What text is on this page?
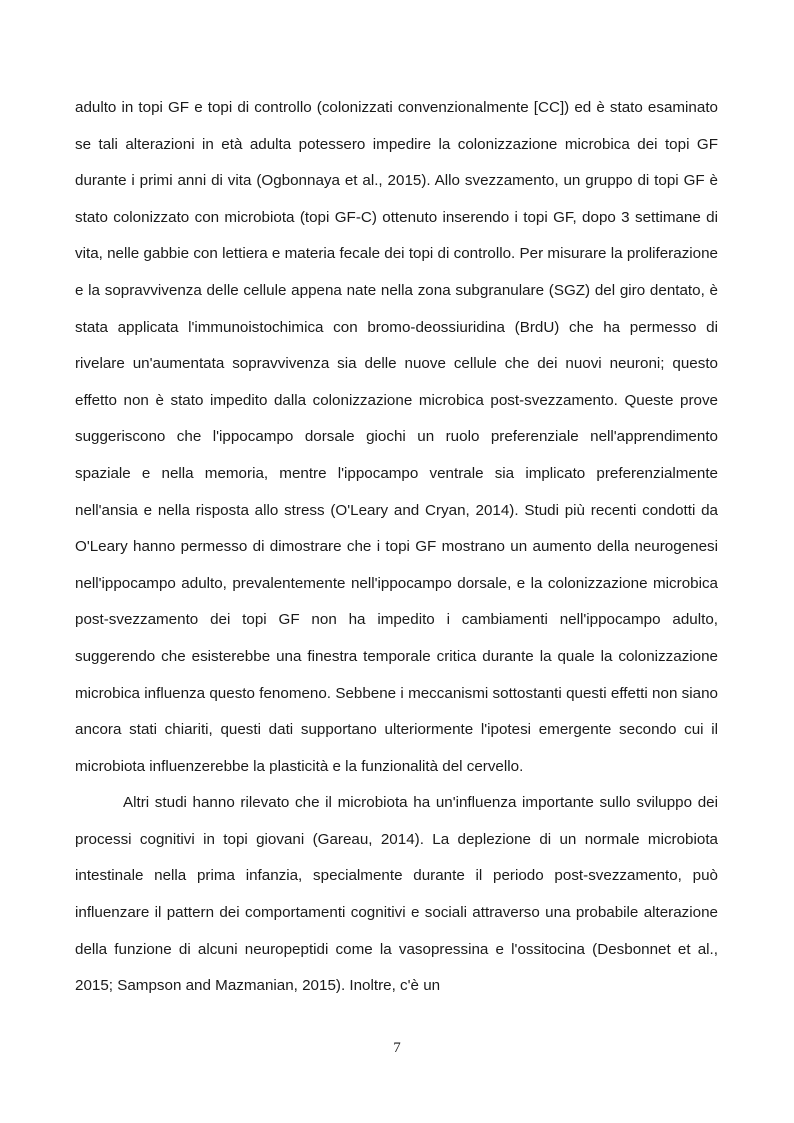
adulto in topi GF e topi di controllo (colonizzati convenzionalmente [CC]) ed è stato esaminato se tali alterazioni in età adulta potessero impedire la colonizzazione microbica dei topi GF durante i primi anni di vita (Ogbonnaya et al., 2015). Allo svezzamento, un gruppo di topi GF è stato colonizzato con microbiota (topi GF-C) ottenuto inserendo i topi GF, dopo 3 settimane di vita, nelle gabbie con lettiera e materia fecale dei topi di controllo. Per misurare la proliferazione e la sopravvivenza delle cellule appena nate nella zona subgranulare (SGZ) del giro dentato, è stata applicata l'immunoistochimica con bromo-deossiuridina (BrdU) che ha permesso di rivelare un'aumentata sopravvivenza sia delle nuove cellule che dei nuovi neuroni; questo effetto non è stato impedito dalla colonizzazione microbica post-svezzamento. Queste prove suggeriscono che l'ippocampo dorsale giochi un ruolo preferenziale nell'apprendimento spaziale e nella memoria, mentre l'ippocampo ventrale sia implicato preferenzialmente nell'ansia e nella risposta allo stress (O'Leary and Cryan, 2014). Studi più recenti condotti da O'Leary hanno permesso di dimostrare che i topi GF mostrano un aumento della neurogenesi nell'ippocampo adulto, prevalentemente nell'ippocampo dorsale, e la colonizzazione microbica post-svezzamento dei topi GF non ha impedito i cambiamenti nell'ippocampo adulto, suggerendo che esisterebbe una finestra temporale critica durante la quale la colonizzazione microbica influenza questo fenomeno. Sebbene i meccanismi sottostanti questi effetti non siano ancora stati chiariti, questi dati supportano ulteriormente l'ipotesi emergente secondo cui il microbiota influenzerebbe la plasticità e la funzionalità del cervello.

Altri studi hanno rilevato che il microbiota ha un'influenza importante sullo sviluppo dei processi cognitivi in topi giovani (Gareau, 2014). La deplezione di un normale microbiota intestinale nella prima infanzia, specialmente durante il periodo post-svezzamento, può influenzare il pattern dei comportamenti cognitivi e sociali attraverso una probabile alterazione della funzione di alcuni neuropeptidi come la vasopressina e l'ossitocina (Desbonnet et al., 2015; Sampson and Mazmanian, 2015). Inoltre, c'è un

7
